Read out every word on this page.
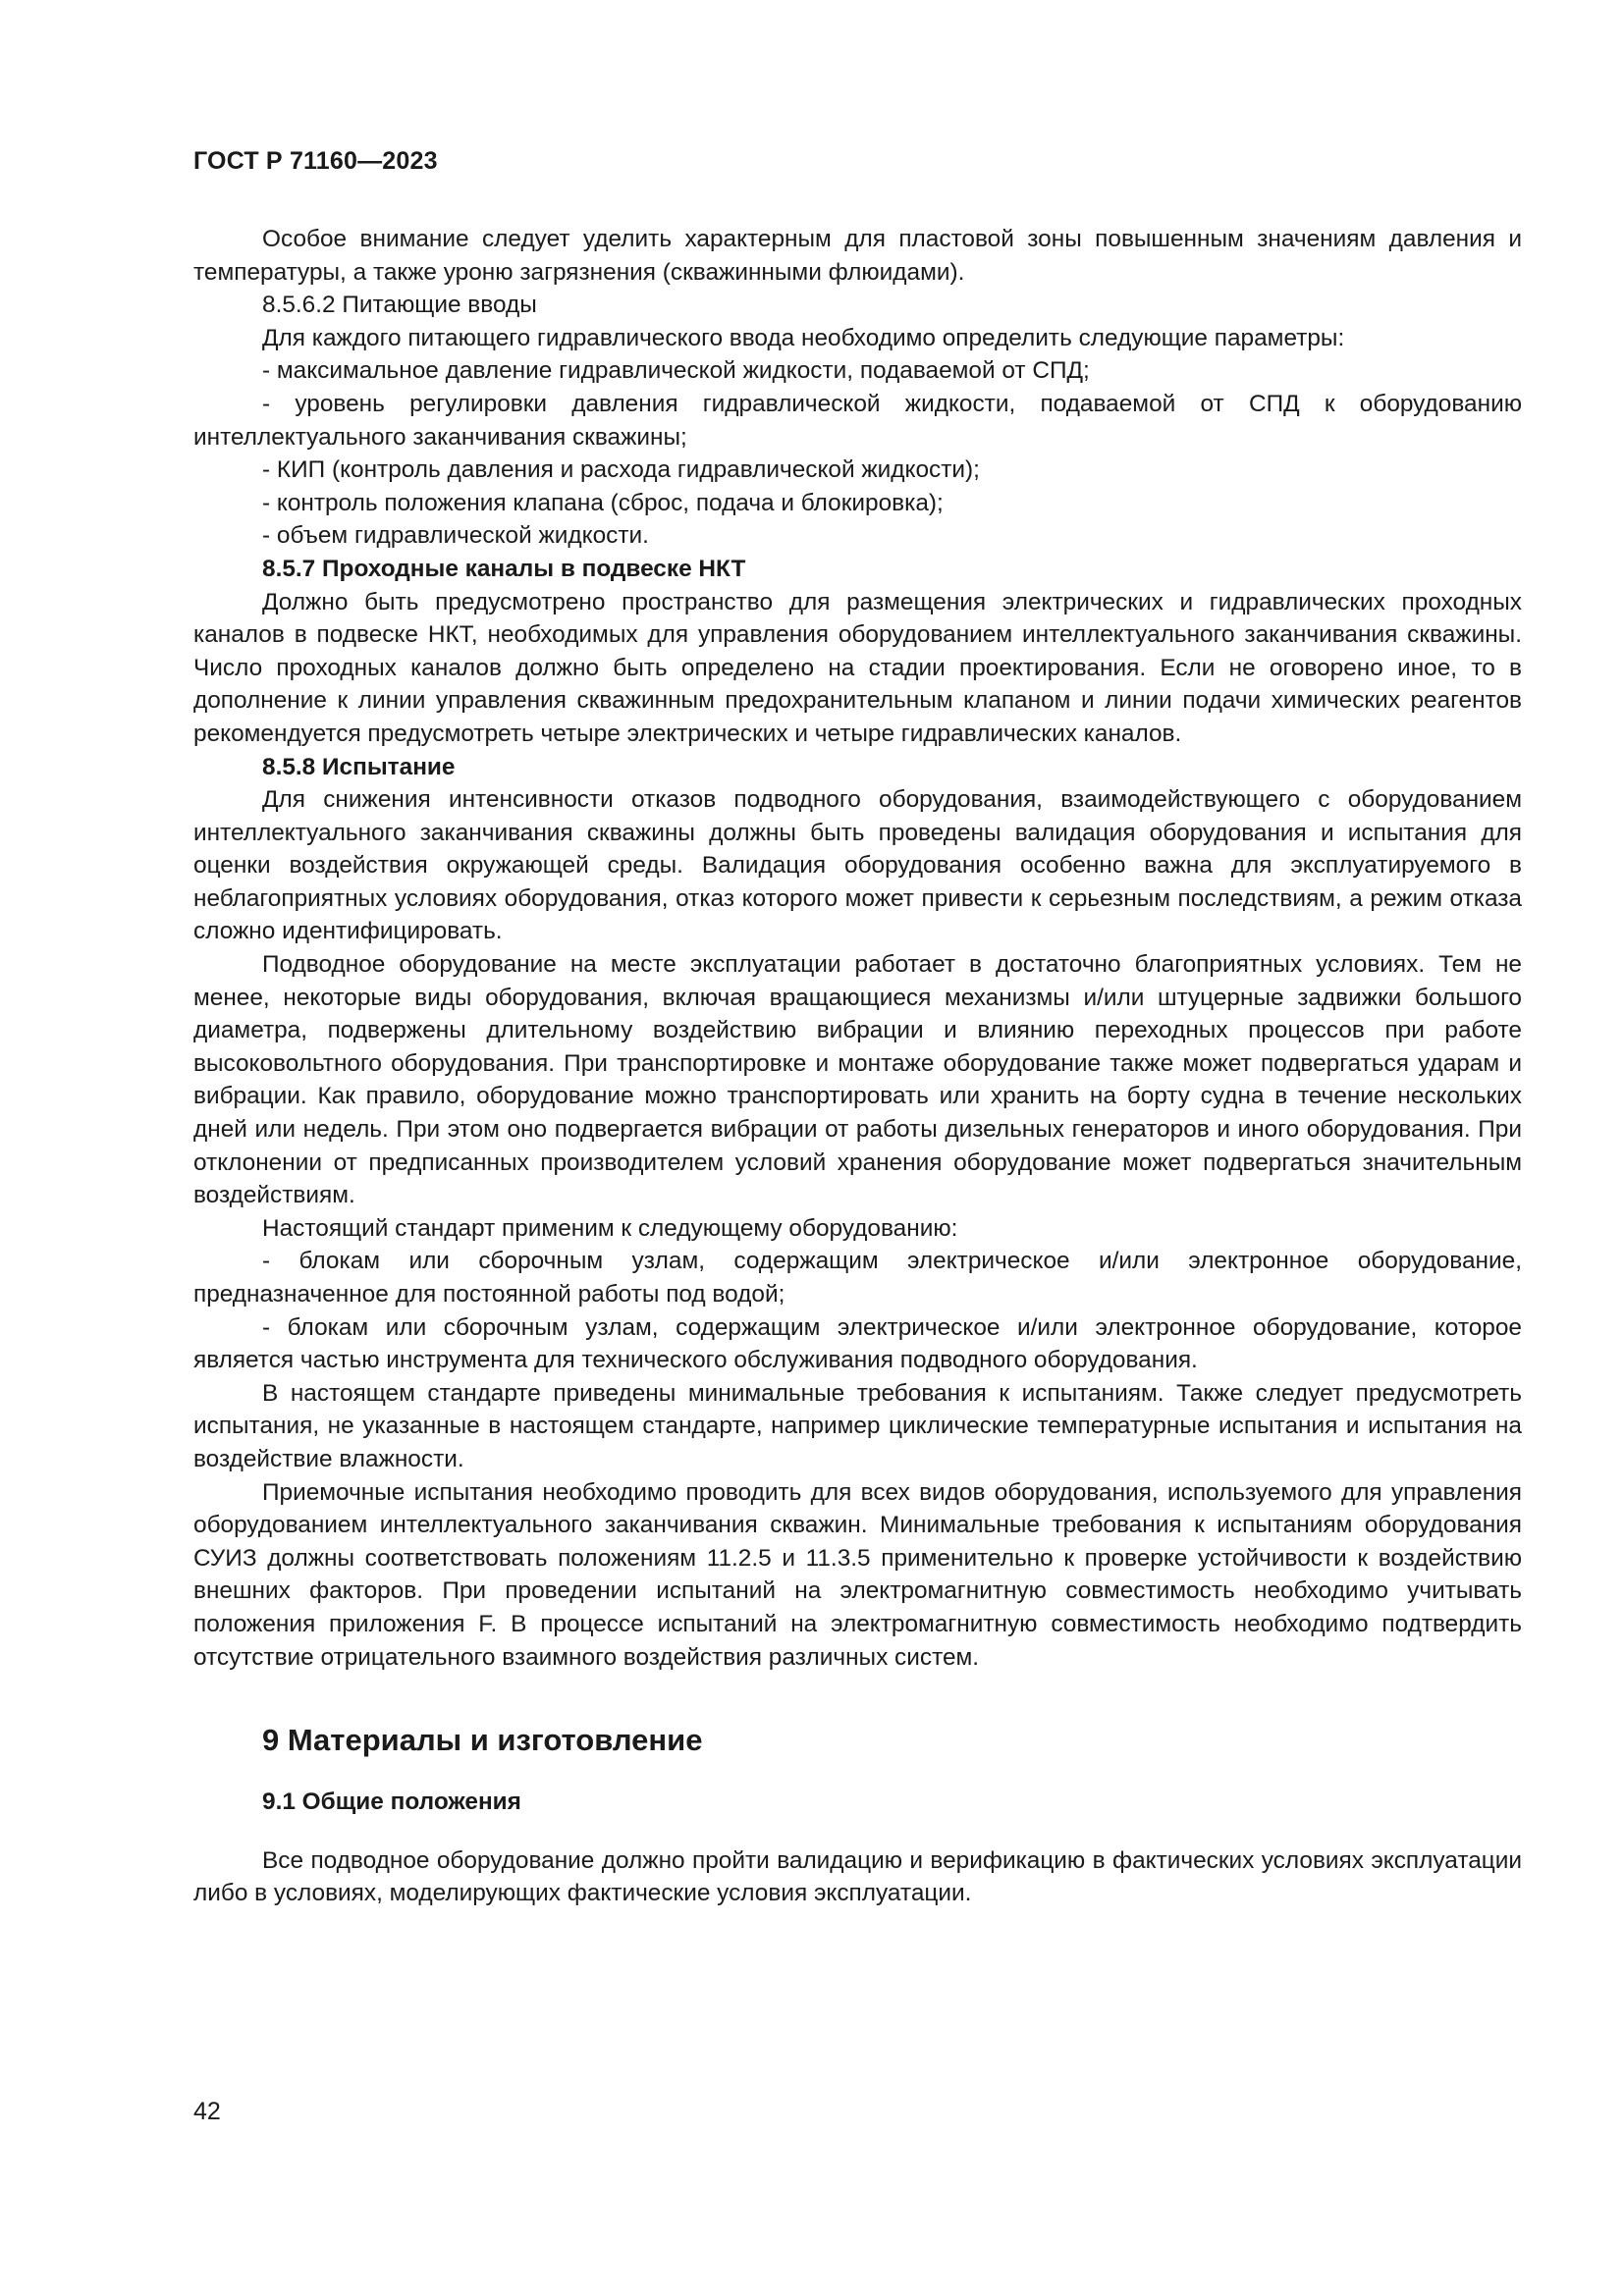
ГОСТ Р 71160—2023

Особое внимание следует уделить характерным для пластовой зоны повышенным значениям давления и температуры, а также уроню загрязнения (скважинными флюидами).

8.5.6.2 Питающие вводы

Для каждого питающего гидравлического ввода необходимо определить следующие параметры:

- максимальное давление гидравлической жидкости, подаваемой от СПД;

- уровень регулировки давления гидравлической жидкости, подаваемой от СПД к оборудованию интеллектуального заканчивания скважины;

- КИП (контроль давления и расхода гидравлической жидкости);

- контроль положения клапана (сброс, подача и блокировка);

- объем гидравлической жидкости.

8.5.7 Проходные каналы в подвеске НКТ

Должно быть предусмотрено пространство для размещения электрических и гидравлических проходных каналов в подвеске НКТ, необходимых для управления оборудованием интеллектуального заканчивания скважины. Число проходных каналов должно быть определено на стадии проектирования. Если не оговорено иное, то в дополнение к линии управления скважинным предохранительным клапаном и линии подачи химических реагентов рекомендуется предусмотреть четыре электрических и четыре гидравлических каналов.

8.5.8 Испытание

Для снижения интенсивности отказов подводного оборудования, взаимодействующего с оборудованием интеллектуального заканчивания скважины должны быть проведены валидация оборудования и испытания для оценки воздействия окружающей среды. Валидация оборудования особенно важна для эксплуатируемого в неблагоприятных условиях оборудования, отказ которого может привести к серьезным последствиям, а режим отказа сложно идентифицировать.

Подводное оборудование на месте эксплуатации работает в достаточно благоприятных условиях. Тем не менее, некоторые виды оборудования, включая вращающиеся механизмы и/или штуцерные задвижки большого диаметра, подвержены длительному воздействию вибрации и влиянию переходных процессов при работе высоковольтного оборудования. При транспортировке и монтаже оборудование также может подвергаться ударам и вибрации. Как правило, оборудование можно транспортировать или хранить на борту судна в течение нескольких дней или недель. При этом оно подвергается вибрации от работы дизельных генераторов и иного оборудования. При отклонении от предписанных производителем условий хранения оборудование может подвергаться значительным воздействиям.

Настоящий стандарт применим к следующему оборудованию:

- блокам или сборочным узлам, содержащим электрическое и/или электронное оборудование, предназначенное для постоянной работы под водой;

- блокам или сборочным узлам, содержащим электрическое и/или электронное оборудование, которое является частью инструмента для технического обслуживания подводного оборудования.

В настоящем стандарте приведены минимальные требования к испытаниям. Также следует предусмотреть испытания, не указанные в настоящем стандарте, например циклические температурные испытания и испытания на воздействие влажности.

Приемочные испытания необходимо проводить для всех видов оборудования, используемого для управления оборудованием интеллектуального заканчивания скважин. Минимальные требования к испытаниям оборудования СУИЗ должны соответствовать положениям 11.2.5 и 11.3.5 применительно к проверке устойчивости к воздействию внешних факторов. При проведении испытаний на электромагнитную совместимость необходимо учитывать положения приложения F. В процессе испытаний на электромагнитную совместимость необходимо подтвердить отсутствие отрицательного взаимного воздействия различных систем.

9 Материалы и изготовление
9.1 Общие положения

Все подводное оборудование должно пройти валидацию и верификацию в фактических условиях эксплуатации либо в условиях, моделирующих фактические условия эксплуатации.

42
